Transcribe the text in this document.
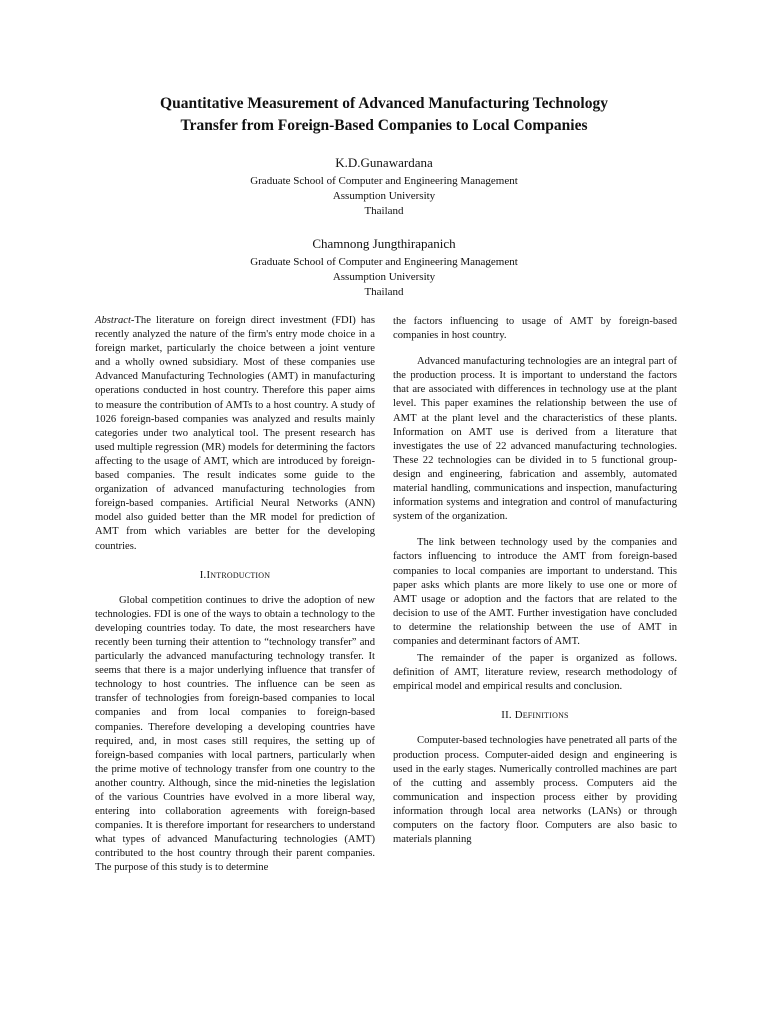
Quantitative Measurement of Advanced Manufacturing Technology
Transfer from Foreign-Based Companies to Local Companies
K.D.Gunawardana
Graduate School of Computer and Engineering Management
Assumption University
Thailand
Chamnong Jungthirapanich
Graduate School of Computer and Engineering Management
Assumption University
Thailand

Abstract-The literature on foreign direct investment (FDI) has recently analyzed the nature of the firm's entry mode choice in a foreign market, particularly the choice between a joint venture and a wholly owned subsidiary. Most of these companies use Advanced Manufacturing Technologies (AMT) in manufacturing operations conducted in host country. Therefore this paper aims to measure the contribution of AMTs to a host country. A study of 1026 foreign-based companies was analyzed and results mainly categories under two analytical tool. The present research has used multiple regression (MR) models for determining the factors affecting to the usage of AMT, which are introduced by foreign-based companies. The result indicates some guide to the organization of advanced manufacturing technologies from foreign-based companies. Artificial Neural Networks (ANN) model also guided better than the MR model for prediction of AMT from which variables are better for the developing countries.

I.Introduction

Global competition continues to drive the adoption of new technologies. FDI is one of the ways to obtain a technology to the developing countries today. To date, the most researchers have recently been turning their attention to “technology transfer” and particularly the advanced manufacturing technology transfer. It seems that there is a major underlying influence that transfer of technology to host countries. The influence can be seen as transfer of technologies from foreign-based companies to local companies and from local companies to foreign-based companies. Therefore developing a developing countries have required, and, in most cases still requires, the setting up of foreign-based companies with local partners, particularly when the prime motive of technology transfer from one country to the another country. Although, since the mid-nineties the legislation of the various Countries have evolved in a more liberal way, entering into collaboration agreements with foreign-based companies. It is therefore important for researchers to understand what types of advanced Manufacturing technologies (AMT) contributed to the host country through their parent companies. The purpose of this study is to determine

the factors influencing to usage of AMT by foreign-based companies in host country.

Advanced manufacturing technologies are an integral part of the production process. It is important to understand the factors that are associated with differences in technology use at the plant level. This paper examines the relationship between the use of AMT at the plant level and the characteristics of these plants. Information on AMT use is derived from a literature that investigates the use of 22 advanced manufacturing technologies. These 22 technologies can be divided in to 5 functional group-design and engineering, fabrication and assembly, automated material handling, communications and inspection, manufacturing information systems and integration and control of manufacturing system of the organization.

The link between technology used by the companies and factors influencing to introduce the AMT from foreign-based companies to local companies are important to understand. This paper asks which plants are more likely to use one or more of AMT usage or adoption and the factors that are related to the decision to use of the AMT. Further investigation have concluded to determine the relationship between the use of AMT in companies and determinant factors of AMT.

The remainder of the paper is organized as follows. definition of AMT, literature review, research methodology of empirical model and empirical results and conclusion.

II. Definitions

Computer-based technologies have penetrated all parts of the production process. Computer-aided design and engineering is used in the early stages. Numerically controlled machines are part of the cutting and assembly process. Computers aid the communication and inspection process either by providing information through local area networks (LANs) or through computers on the factory floor. Computers are also basic to materials planning
